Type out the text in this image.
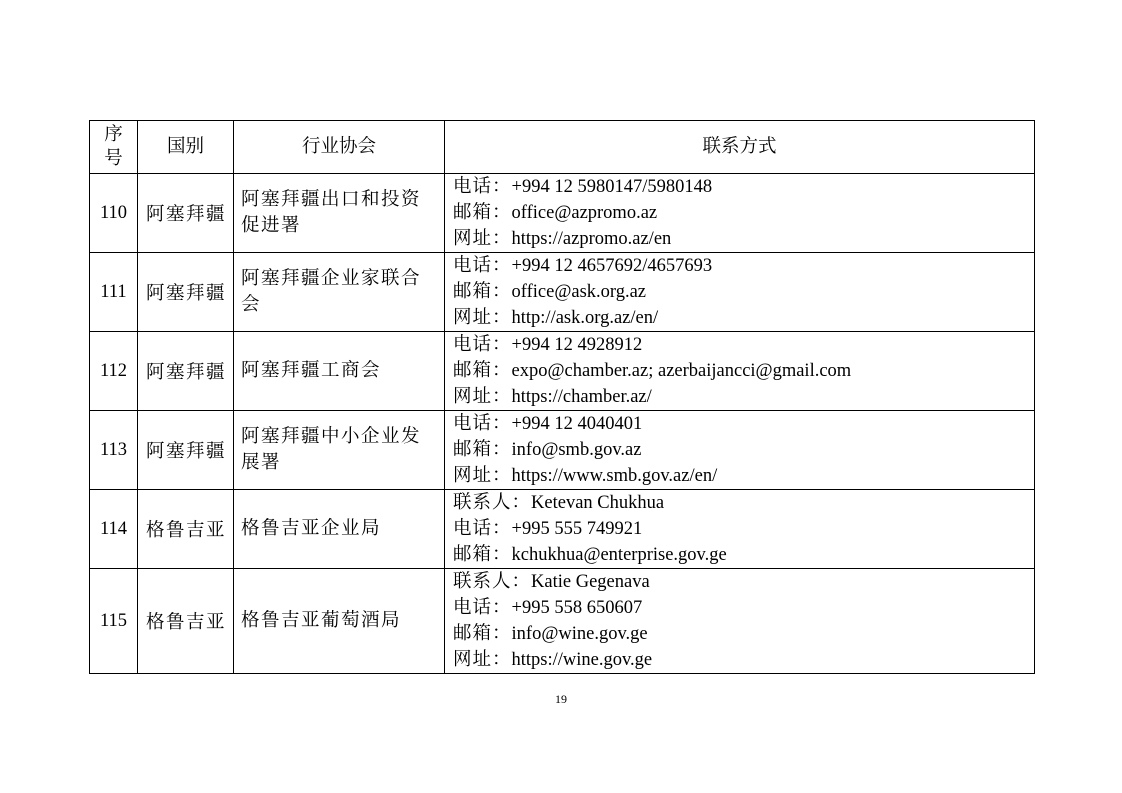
序
号	国别	行业协会	联系方式
110	阿塞拜疆	阿塞拜疆出口和投资促进署	电话：+994 12 5980147/5980148
邮箱：office@azpromo.az
网址：https://azpromo.az/en

111	阿塞拜疆	阿塞拜疆企业家联合会	电话：+994 12 4657692/4657693
邮箱：office@ask.org.az
网址：http://ask.org.az/en/

112	阿塞拜疆	阿塞拜疆工商会	电话：+994 12 4928912
邮箱：expo@chamber.az; azerbaijancci@gmail.com
网址：https://chamber.az/

113	阿塞拜疆	阿塞拜疆中小企业发展署	电话：+994 12 4040401
邮箱：info@smb.gov.az
网址：https://www.smb.gov.az/en/

114	格鲁吉亚	格鲁吉亚企业局	联系人：Ketevan Chukhua
电话：+995 555 749921
邮箱：kchukhua@enterprise.gov.ge

115	格鲁吉亚	格鲁吉亚葡萄酒局	联系人：Katie Gegenava
电话：+995 558 650607
邮箱：info@wine.gov.ge
网址：https://wine.gov.ge
19
